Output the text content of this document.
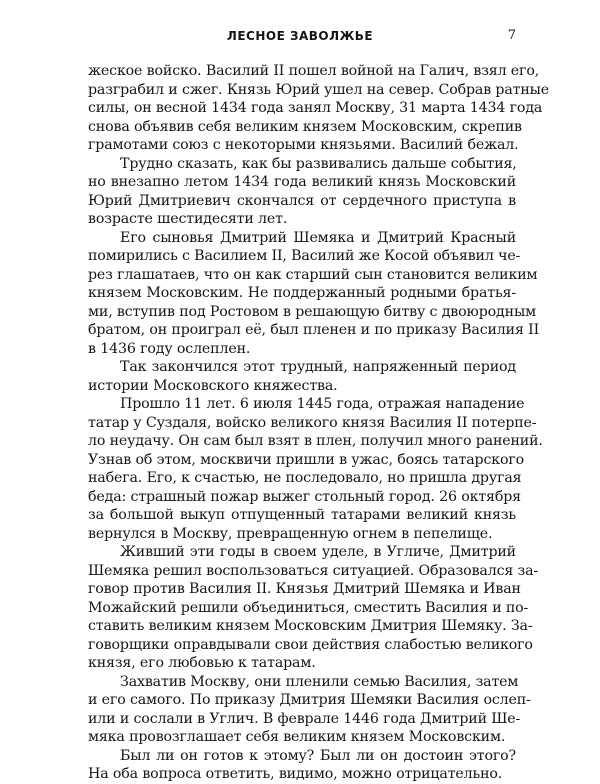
ЛЕСНОЕ ЗАВОЛЖЬЕ	7

жеское войско. Василий II пошел войной на Галич, взял его,
разграбил и сжег. Князь Юрий ушел на север. Собрав ратные
силы, он весной 1434 года занял Москву, 31 марта 1434 года
снова объявив себя великим князем Московским, скрепив
грамотами союз с некоторыми князьями. Василий бежал.

Трудно сказать, как бы развивались дальше события,
но внезапно летом 1434 года великий князь Московский
Юрий Дмитриевич скончался от сердечного приступа в
возрасте шестидесяти лет.

Его сыновья Дмитрий Шемяка и Дмитрий Красный
помирились с Василием II, Василий же Косой объявил че-
рез глашатаев, что он как старший сын становится великим
князем Московским. Не поддержанный родными братья-
ми, вступив под Ростовом в решающую битву с двоюродным
братом, он проиграл её, был пленен и по приказу Василия II
в 1436 году ослеплен.

Так закончился этот трудный, напряженный период
истории Московского княжества.

Прошло 11 лет. 6 июля 1445 года, отражая нападение
татар у Суздаля, войско великого князя Василия II потерпе-
ло неудачу. Он сам был взят в плен, получил много ранений.
Узнав об этом, москвичи пришли в ужас, боясь татарского
набега. Его, к счастью, не последовало, но пришла другая
беда: страшный пожар выжег стольный город. 26 октября
за большой выкуп отпущенный татарами великий князь
вернулся в Москву, превращенную огнем в пепелище.

Живший эти годы в своем уделе, в Угличе, Дмитрий
Шемяка решил воспользоваться ситуацией. Образовался за-
говор против Василия II. Князья Дмитрий Шемяка и Иван
Можайский решили объединиться, сместить Василия и по-
ставить великим князем Московским Дмитрия Шемяку. За-
говорщики оправдывали свои действия слабостью великого
князя, его любовью к татарам.

Захватив Москву, они пленили семью Василия, затем
и его самого. По приказу Дмитрия Шемяки Василия ослеп-
или и сослали в Углич. В феврале 1446 года Дмитрий Ше-
мяка провозглашает себя великим князем Московским.

Был ли он готов к этому? Был ли он достоин этого?
На оба вопроса ответить, видимо, можно отрицательно.
